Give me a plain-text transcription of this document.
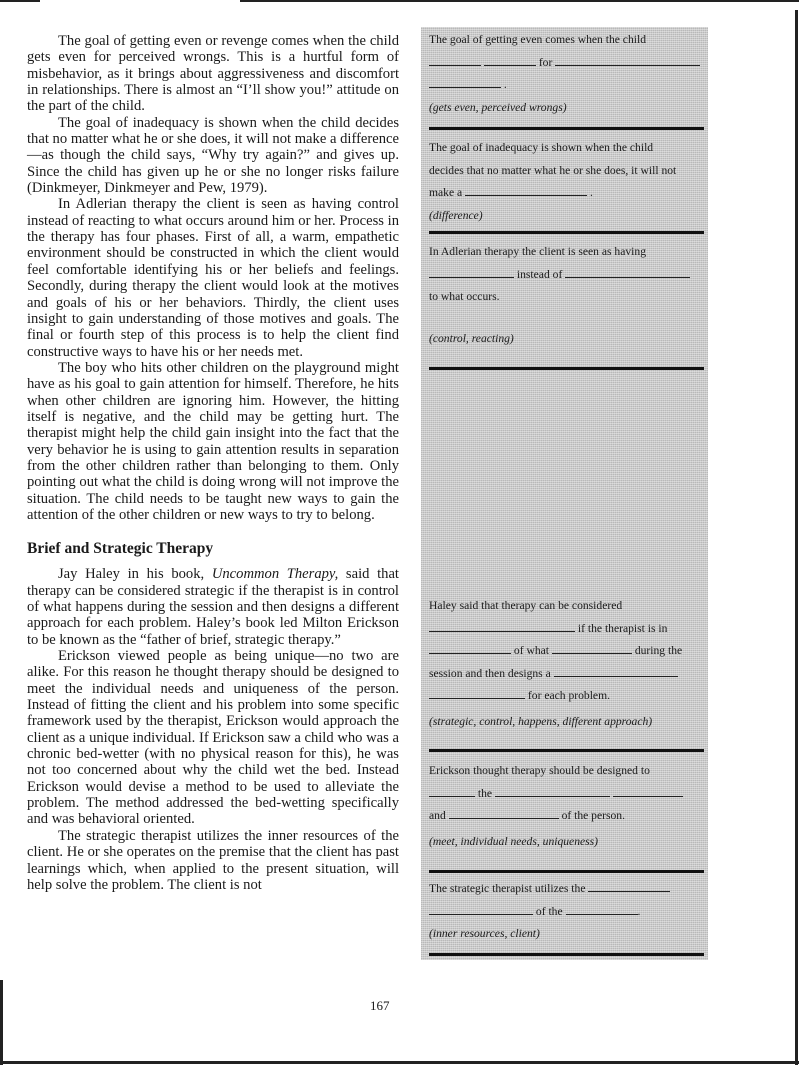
The goal of getting even or revenge comes when the child gets even for perceived wrongs. This is a hurtful form of misbehavior, as it brings about aggressiveness and discomfort in relationships. There is almost an “I’ll show you!” attitude on the part of the child.

The goal of inadequacy is shown when the child decides that no matter what he or she does, it will not make a difference—as though the child says, “Why try again?” and gives up. Since the child has given up he or she no longer risks failure (Dinkmeyer, Dinkmeyer and Pew, 1979).

In Adlerian therapy the client is seen as having control instead of reacting to what occurs around him or her. Process in the therapy has four phases. First of all, a warm, empathetic environment should be constructed in which the client would feel comfortable identifying his or her beliefs and feelings. Secondly, during therapy the client would look at the motives and goals of his or her behaviors. Thirdly, the client uses insight to gain understanding of those motives and goals. The final or fourth step of this process is to help the client find constructive ways to have his or her needs met.

The boy who hits other children on the playground might have as his goal to gain attention for himself. Therefore, he hits when other children are ignoring him. However, the hitting itself is negative, and the child may be getting hurt. The therapist might help the child gain insight into the fact that the very behavior he is using to gain attention results in separation from the other children rather than belonging to them. Only pointing out what the child is doing wrong will not improve the situation. The child needs to be taught new ways to gain the attention of the other children or new ways to try to belong.

Brief and Strategic Therapy

Jay Haley in his book, Uncommon Therapy, said that therapy can be considered strategic if the therapist is in control of what happens during the session and then designs a different approach for each problem. Haley’s book led Milton Erickson to be known as the “father of brief, strategic therapy.”

Erickson viewed people as being unique—no two are alike. For this reason he thought therapy should be designed to meet the individual needs and uniqueness of the person. Instead of fitting the client and his problem into some specific framework used by the therapist, Erickson would approach the client as a unique individual. If Erickson saw a child who was a chronic bed-wetter (with no physical reason for this), he was not too concerned about why the child wet the bed. Instead Erickson would devise a method to be used to alleviate the problem. The method addressed the bed-wetting specifically and was behavioral oriented.

The strategic therapist utilizes the inner resources of the client. He or she operates on the premise that the client has past learnings which, when applied to the present situation, will help solve the problem. The client is not

The goal of getting even comes when the child
for
.

(gets even, perceived wrongs)

The goal of inadequacy is shown when the child
decides that no matter what he or she does, it will not
make a	.

(difference)

In Adlerian therapy the client is seen as having
instead of
to what occurs.

(control, reacting)

Haley said that therapy can be considered
if the therapist is in
of what	during the
session and then designs a
for each problem.

(strategic, control, happens, different approach)

Erickson thought therapy should be designed to
the
and	of the person.

(meet, individual needs, uniqueness)

The strategic therapist utilizes the
of the	.

(inner resources, client)

167
